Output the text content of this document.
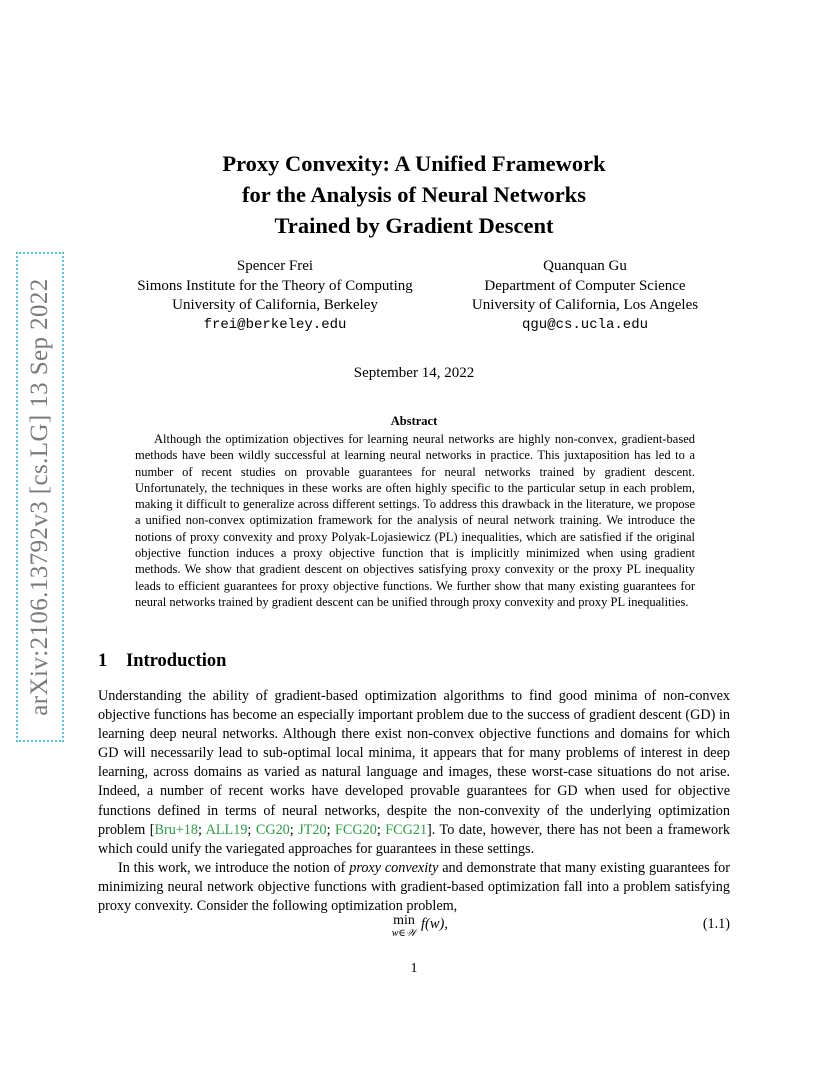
arXiv:2106.13792v3 [cs.LG] 13 Sep 2022
Proxy Convexity: A Unified Framework
for the Analysis of Neural Networks
Trained by Gradient Descent
Spencer Frei
Simons Institute for the Theory of Computing
University of California, Berkeley
frei@berkeley.edu
Quanquan Gu
Department of Computer Science
University of California, Los Angeles
qgu@cs.ucla.edu
September 14, 2022
Abstract
Although the optimization objectives for learning neural networks are highly non-convex, gradient-based methods have been wildly successful at learning neural networks in practice. This juxtaposition has led to a number of recent studies on provable guarantees for neural networks trained by gradient descent. Unfortunately, the techniques in these works are often highly specific to the particular setup in each problem, making it difficult to generalize across different settings. To address this drawback in the literature, we propose a unified non-convex optimization framework for the analysis of neural network training. We introduce the notions of proxy convexity and proxy Polyak-Lojasiewicz (PL) inequalities, which are satisfied if the original objective function induces a proxy objective function that is implicitly minimized when using gradient methods. We show that gradient descent on objectives satisfying proxy convexity or the proxy PL inequality leads to efficient guarantees for proxy objective functions. We further show that many existing guarantees for neural networks trained by gradient descent can be unified through proxy convexity and proxy PL inequalities.
1 Introduction

Understanding the ability of gradient-based optimization algorithms to find good minima of non-convex objective functions has become an especially important problem due to the success of gradient descent (GD) in learning deep neural networks. Although there exist non-convex objective functions and domains for which GD will necessarily lead to sub-optimal local minima, it appears that for many problems of interest in deep learning, across domains as varied as natural language and images, these worst-case situations do not arise. Indeed, a number of recent works have developed provable guarantees for GD when used for objective functions defined in terms of neural networks, despite the non-convexity of the underlying optimization problem [Bru+18; ALL19; CG20; JT20; FCG20; FCG21]. To date, however, there has not been a framework which could unify the variegated approaches for guarantees in these settings.

In this work, we introduce the notion of proxy convexity and demonstrate that many existing guarantees for minimizing neural network objective functions with gradient-based optimization fall into a problem satisfying proxy convexity. Consider the following optimization problem,

min
w∈𝒲
f(w),	(1.1)
1
